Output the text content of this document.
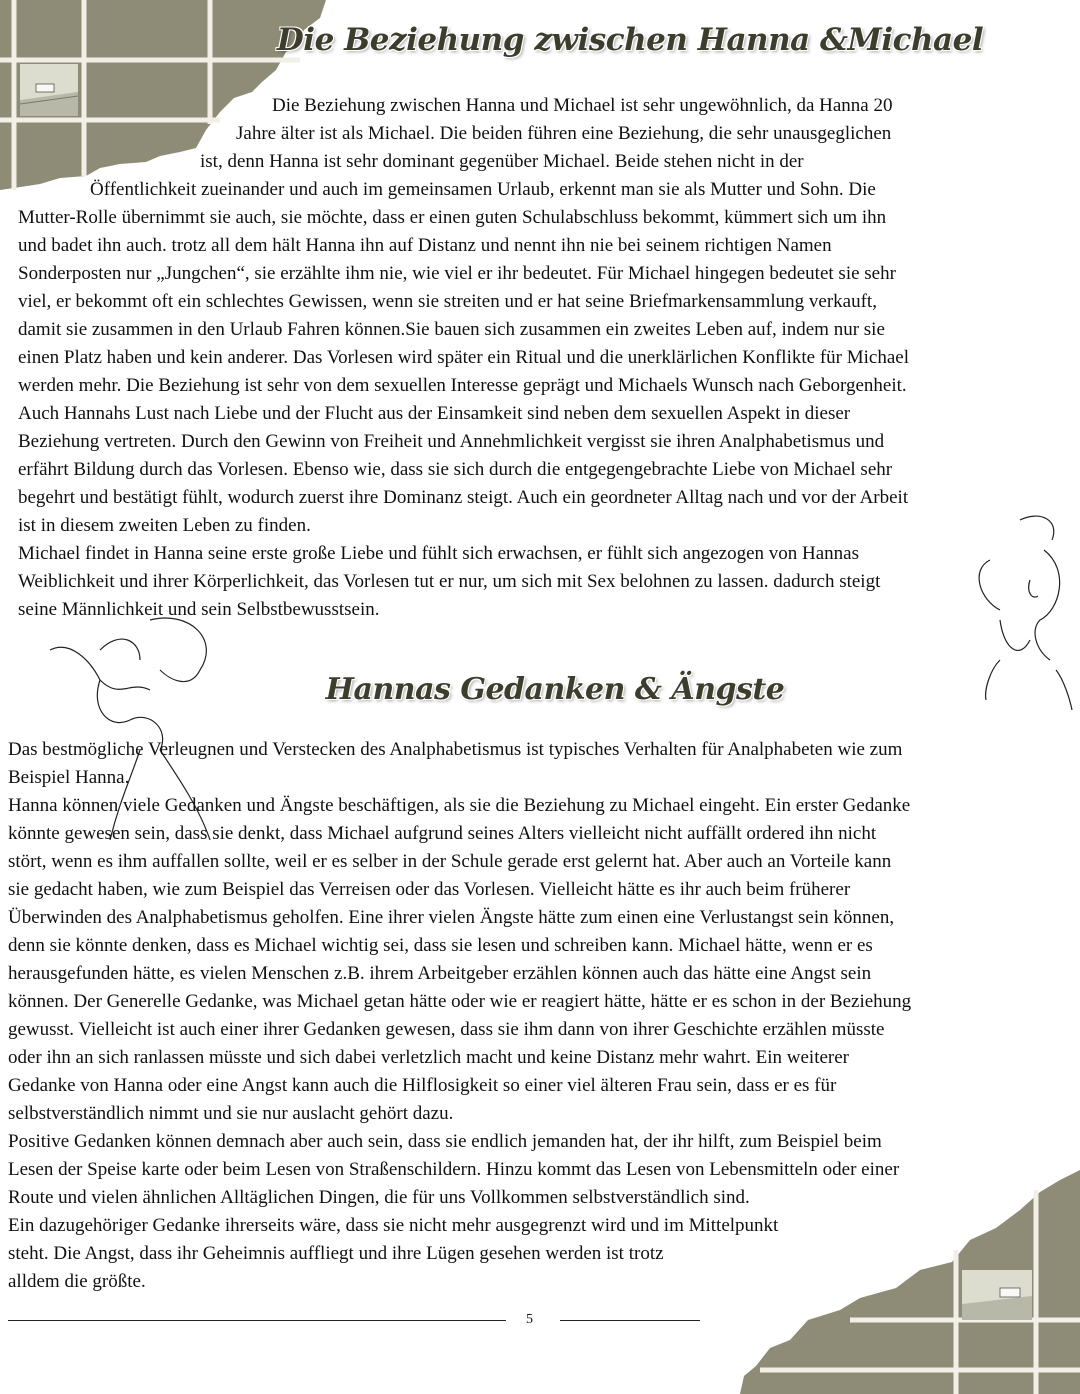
Die Beziehung zwischen Hanna &Michael
Die Beziehung zwischen Hanna und Michael ist sehr ungewöhnlich, da Hanna 20
Jahre älter ist als Michael. Die beiden führen eine Beziehung, die sehr unausgeglichen
ist, denn Hanna ist sehr dominant gegenüber Michael. Beide stehen nicht in der
Öffentlichkeit zueinander und auch im gemeinsamen Urlaub, erkennt man sie als Mutter und Sohn. Die
Mutter-Rolle übernimmt sie auch, sie möchte, dass er einen guten Schulabschluss bekommt, kümmert sich um ihn
und badet ihn auch. trotz all dem hält Hanna ihn auf Distanz und nennt ihn nie bei seinem richtigen Namen
Sonderposten nur „Jungchen“, sie erzählte ihm nie, wie viel er ihr bedeutet. Für Michael hingegen bedeutet sie sehr
viel, er bekommt oft ein schlechtes Gewissen, wenn sie streiten und er hat seine Briefmarkensammlung verkauft,
damit sie zusammen in den Urlaub Fahren können.Sie bauen sich zusammen ein zweites Leben auf, indem nur sie
einen Platz haben und kein anderer. Das Vorlesen wird später ein Ritual und die unerklärlichen Konflikte für Michael
werden mehr. Die Beziehung ist sehr von dem sexuellen Interesse geprägt und Michaels Wunsch nach Geborgenheit.
Auch Hannahs Lust nach Liebe und der Flucht aus der Einsamkeit sind neben dem sexuellen Aspekt in dieser
Beziehung vertreten. Durch den Gewinn von Freiheit und Annehmlichkeit vergisst sie ihren Analphabetismus und
erfährt Bildung durch das Vorlesen. Ebenso wie, dass sie sich durch die entgegengebrachte Liebe von Michael sehr
begehrt und bestätigt fühlt, wodurch zuerst ihre Dominanz steigt. Auch ein geordneter Alltag nach und vor der Arbeit
ist in diesem zweiten Leben zu finden.
Michael findet in Hanna seine erste große Liebe und fühlt sich erwachsen, er fühlt sich angezogen von Hannas
Weiblichkeit und ihrer Körperlichkeit, das Vorlesen tut er nur, um sich mit Sex belohnen zu lassen. dadurch steigt
seine Männlichkeit und sein Selbstbewusstsein.
Hannas Gedanken & Ängste
Das bestmögliche Verleugnen und Verstecken des Analphabetismus ist typisches Verhalten für Analphabeten wie zum
Beispiel Hanna.
Hanna können viele Gedanken und Ängste beschäftigen, als sie die Beziehung zu Michael eingeht. Ein erster Gedanke
könnte gewesen sein, dass sie denkt, dass Michael aufgrund seines Alters vielleicht nicht auffällt ordered ihn nicht
stört, wenn es ihm auffallen sollte, weil er es selber in der Schule gerade erst gelernt hat. Aber auch an Vorteile kann
sie gedacht haben, wie zum Beispiel das Verreisen oder das Vorlesen. Vielleicht hätte es ihr auch beim früherer
Überwinden des Analphabetismus geholfen. Eine ihrer vielen Ängste hätte zum einen eine Verlustangst sein können,
denn sie könnte denken, dass es Michael wichtig sei, dass sie lesen und schreiben kann. Michael hätte, wenn er es
herausgefunden hätte, es vielen Menschen z.B. ihrem Arbeitgeber erzählen können auch das hätte eine Angst sein
können. Der Generelle Gedanke, was Michael getan hätte oder wie er reagiert hätte, hätte er es schon in der Beziehung
gewusst. Vielleicht ist auch einer ihrer Gedanken gewesen, dass sie ihm dann von ihrer Geschichte erzählen müsste
oder ihn an sich ranlassen müsste und sich dabei verletzlich macht und keine Distanz mehr wahrt. Ein weiterer
Gedanke von Hanna oder eine Angst kann auch die Hilflosigkeit so einer viel älteren Frau sein, dass er es für
selbstverständlich nimmt und sie nur auslacht gehört dazu.
Positive Gedanken können demnach aber auch sein, dass sie endlich jemanden hat, der ihr hilft, zum Beispiel beim
Lesen der Speise karte oder beim Lesen von Straßenschildern. Hinzu kommt das Lesen von Lebensmitteln oder einer
Route und vielen ähnlichen Alltäglichen Dingen, die für uns Vollkommen selbstverständlich sind.
Ein dazugehöriger Gedanke ihrerseits wäre, dass sie nicht mehr ausgegrenzt wird und im Mittelpunkt
steht. Die Angst, dass ihr Geheimnis auffliegt und ihre Lügen gesehen werden ist trotz
alldem die größte.
5
